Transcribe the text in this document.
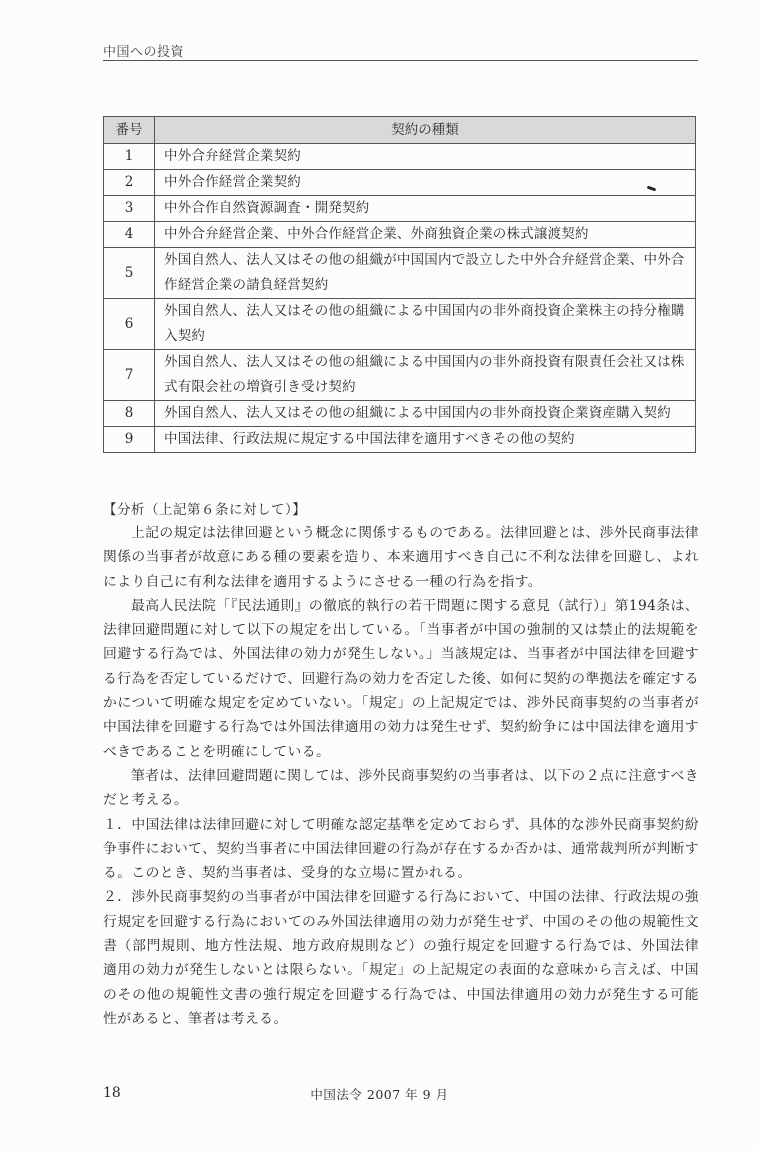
中国への投資
番号	契約の種類
1	中外合弁経営企業契約
2	中外合作経営企業契約
3	中外合作自然資源調査・開発契約
4	中外合弁経営企業、中外合作経営企業、外商独資企業の株式譲渡契約
5	外国自然人、法人又はその他の組織が中国国内で設立した中外合弁経営企業、中外合作経営企業の請負経営契約
6	外国自然人、法人又はその他の組織による中国国内の非外商投資企業株主の持分権購入契約
7	外国自然人、法人又はその他の組織による中国国内の非外商投資有限責任会社又は株式有限会社の増資引き受け契約
8	外国自然人、法人又はその他の組織による中国国内の非外商投資企業資産購入契約
9	中国法律、行政法規に規定する中国法律を適用すべきその他の契約
【分析（上記第６条に対して）】

上記の規定は法律回避という概念に関係するものである。法律回避とは、渉外民商事法律関係の当事者が故意にある種の要素を造り、本来適用すべき自己に不利な法律を回避し、よれにより自己に有利な法律を適用するようにさせる一種の行為を指す。

最高人民法院「『民法通則』の徹底的執行の若干問題に関する意見（試行）」第194条は、法律回避問題に対して以下の規定を出している。「当事者が中国の強制的又は禁止的法規範を回避する行為では、外国法律の効力が発生しない。」当該規定は、当事者が中国法律を回避する行為を否定しているだけで、回避行為の効力を否定した後、如何に契約の準拠法を確定するかについて明確な規定を定めていない。「規定」の上記規定では、渉外民商事契約の当事者が中国法律を回避する行為では外国法律適用の効力は発生せず、契約紛争には中国法律を適用すべきであることを明確にしている。

筆者は、法律回避問題に関しては、渉外民商事契約の当事者は、以下の２点に注意すべきだと考える。

１．中国法律は法律回避に対して明確な認定基準を定めておらず、具体的な渉外民商事契約紛争事件において、契約当事者に中国法律回避の行為が存在するか否かは、通常裁判所が判断する。このとき、契約当事者は、受身的な立場に置かれる。

２．渉外民商事契約の当事者が中国法律を回避する行為において、中国の法律、行政法規の強行規定を回避する行為においてのみ外国法律適用の効力が発生せず、中国のその他の規範性文書（部門規則、地方性法規、地方政府規則など）の強行規定を回避する行為では、外国法律適用の効力が発生しないとは限らない。「規定」の上記規定の表面的な意味から言えば、中国のその他の規範性文書の強行規定を回避する行為では、中国法律適用の効力が発生する可能性があると、筆者は考える。

18	中国法令 2007 年 9 月
